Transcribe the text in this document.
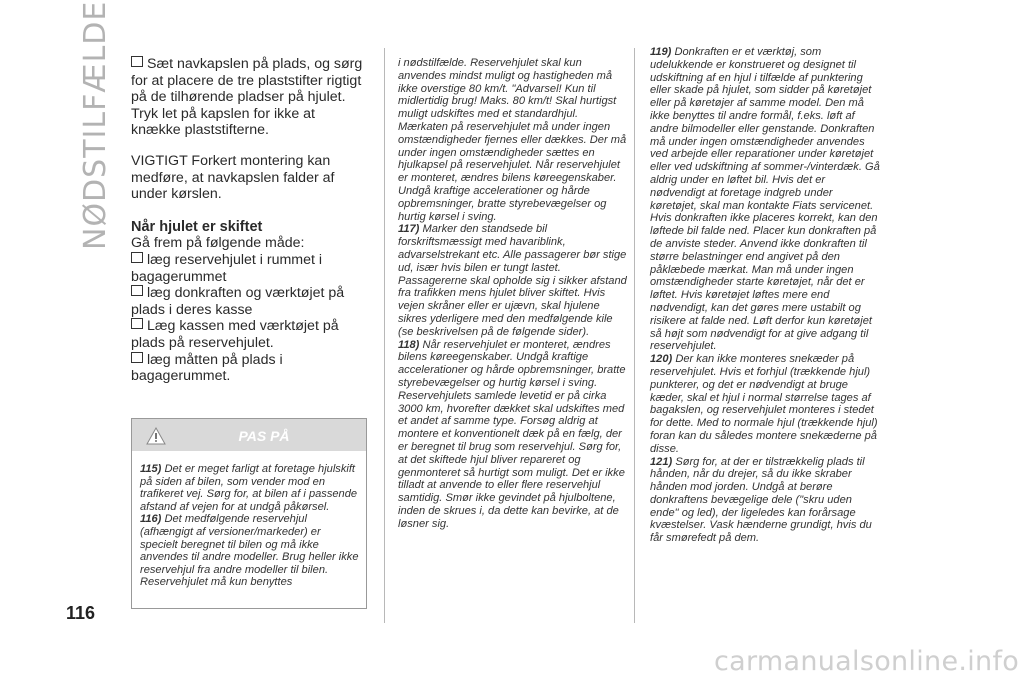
NØDSTILFÆLDE	Sæt navkapslen på plads, og sørg for at placere de tre plaststifter rigtigt på de tilhørende pladser på hjulet. Tryk let på kapslen for ikke at knække plaststifterne.

VIGTIGT Forkert montering kan medføre, at navkapslen falder af under kørslen.

Når hjulet er skiftet

Gå frem på følgende måde:

læg reservehjulet i rummet i bagagerummet

læg donkraften og værktøjet på plads i deres kasse

Læg kassen med værktøjet på plads på reservehjulet.

læg måtten på plads i bagagerummet.

PAS PÅ

115) Det er meget farligt at foretage hjulskift på siden af bilen, som vender mod en trafikeret vej. Sørg for, at bilen af i passende afstand af vejen for at undgå påkørsel.

116) Det medfølgende reservehjul (afhængigt af versioner/markeder) er specielt beregnet til bilen og må ikke anvendes til andre modeller. Brug heller ikke reservehjul fra andre modeller til bilen. Reservehjulet må kun benyttes

i nødstilfælde. Reservehjulet skal kun anvendes mindst muligt og hastigheden må ikke overstige 80 km/t. "Advarsel! Kun til midlertidig brug! Maks. 80 km/t! Skal hurtigst muligt udskiftes med et standardhjul. Mærkaten på reservehjulet må under ingen omstændigheder fjernes eller dækkes. Der må under ingen omstændigheder sættes en hjulkapsel på reservehjulet. Når reservehjulet er monteret, ændres bilens køreegenskaber. Undgå kraftige accelerationer og hårde opbremsninger, bratte styrebevægelser og hurtig kørsel i sving.

117) Marker den standsede bil forskriftsmæssigt med havariblink, advarselstrekant etc. Alle passagerer bør stige ud, især hvis bilen er tungt lastet. Passagererne skal opholde sig i sikker afstand fra trafikken mens hjulet bliver skiftet. Hvis vejen skråner eller er ujævn, skal hjulene sikres yderligere med den medfølgende kile (se beskrivelsen på de følgende sider).

118) Når reservehjulet er monteret, ændres bilens køreegenskaber. Undgå kraftige accelerationer og hårde opbremsninger, bratte styrebevægelser og hurtig kørsel i sving. Reservehjulets samlede levetid er på cirka 3000 km, hvorefter dækket skal udskiftes med et andet af samme type. Forsøg aldrig at montere et konventionelt dæk på en fælg, der er beregnet til brug som reservehjul. Sørg for, at det skiftede hjul bliver repareret og genmonteret så hurtigt som muligt. Det er ikke tilladt at anvende to eller flere reservehjul samtidig. Smør ikke gevindet på hjulboltene, inden de skrues i, da dette kan bevirke, at de løsner sig.

119) Donkraften er et værktøj, som udelukkende er konstrueret og designet til udskiftning af en hjul i tilfælde af punktering eller skade på hjulet, som sidder på køretøjet eller på køretøjer af samme model. Den må ikke benyttes til andre formål, f.eks. løft af andre bilmodeller eller genstande. Donkraften må under ingen omstændigheder anvendes ved arbejde eller reparationer under køretøjet eller ved udskiftning af sommer-/vinterdæk. Gå aldrig under en løftet bil. Hvis det er nødvendigt at foretage indgreb under køretøjet, skal man kontakte Fiats servicenet. Hvis donkraften ikke placeres korrekt, kan den løftede bil falde ned. Placer kun donkraften på de anviste steder. Anvend ikke donkraften til større belastninger end angivet på den påklæbede mærkat. Man må under ingen omstændigheder starte køretøjet, når det er løftet. Hvis køretøjet løftes mere end nødvendigt, kan det gøres mere ustabilt og risikere at falde ned. Løft derfor kun køretøjet så højt som nødvendigt for at give adgang til reservehjulet.

120) Der kan ikke monteres snekæder på reservehjulet. Hvis et forhjul (trækkende hjul) punkterer, og det er nødvendigt at bruge kæder, skal et hjul i normal størrelse tages af bagakslen, og reservehjulet monteres i stedet for dette. Med to normale hjul (trækkende hjul) foran kan du således montere snekæderne på disse.

121) Sørg for, at der er tilstrækkelig plads til hånden, når du drejer, så du ikke skraber hånden mod jorden. Undgå at berøre donkraftens bevægelige dele ("skru uden ende" og led), der ligeledes kan forårsage kvæstelser. Vask hænderne grundigt, hvis du får smørefedt på dem.

116
carmanualsonline.info
